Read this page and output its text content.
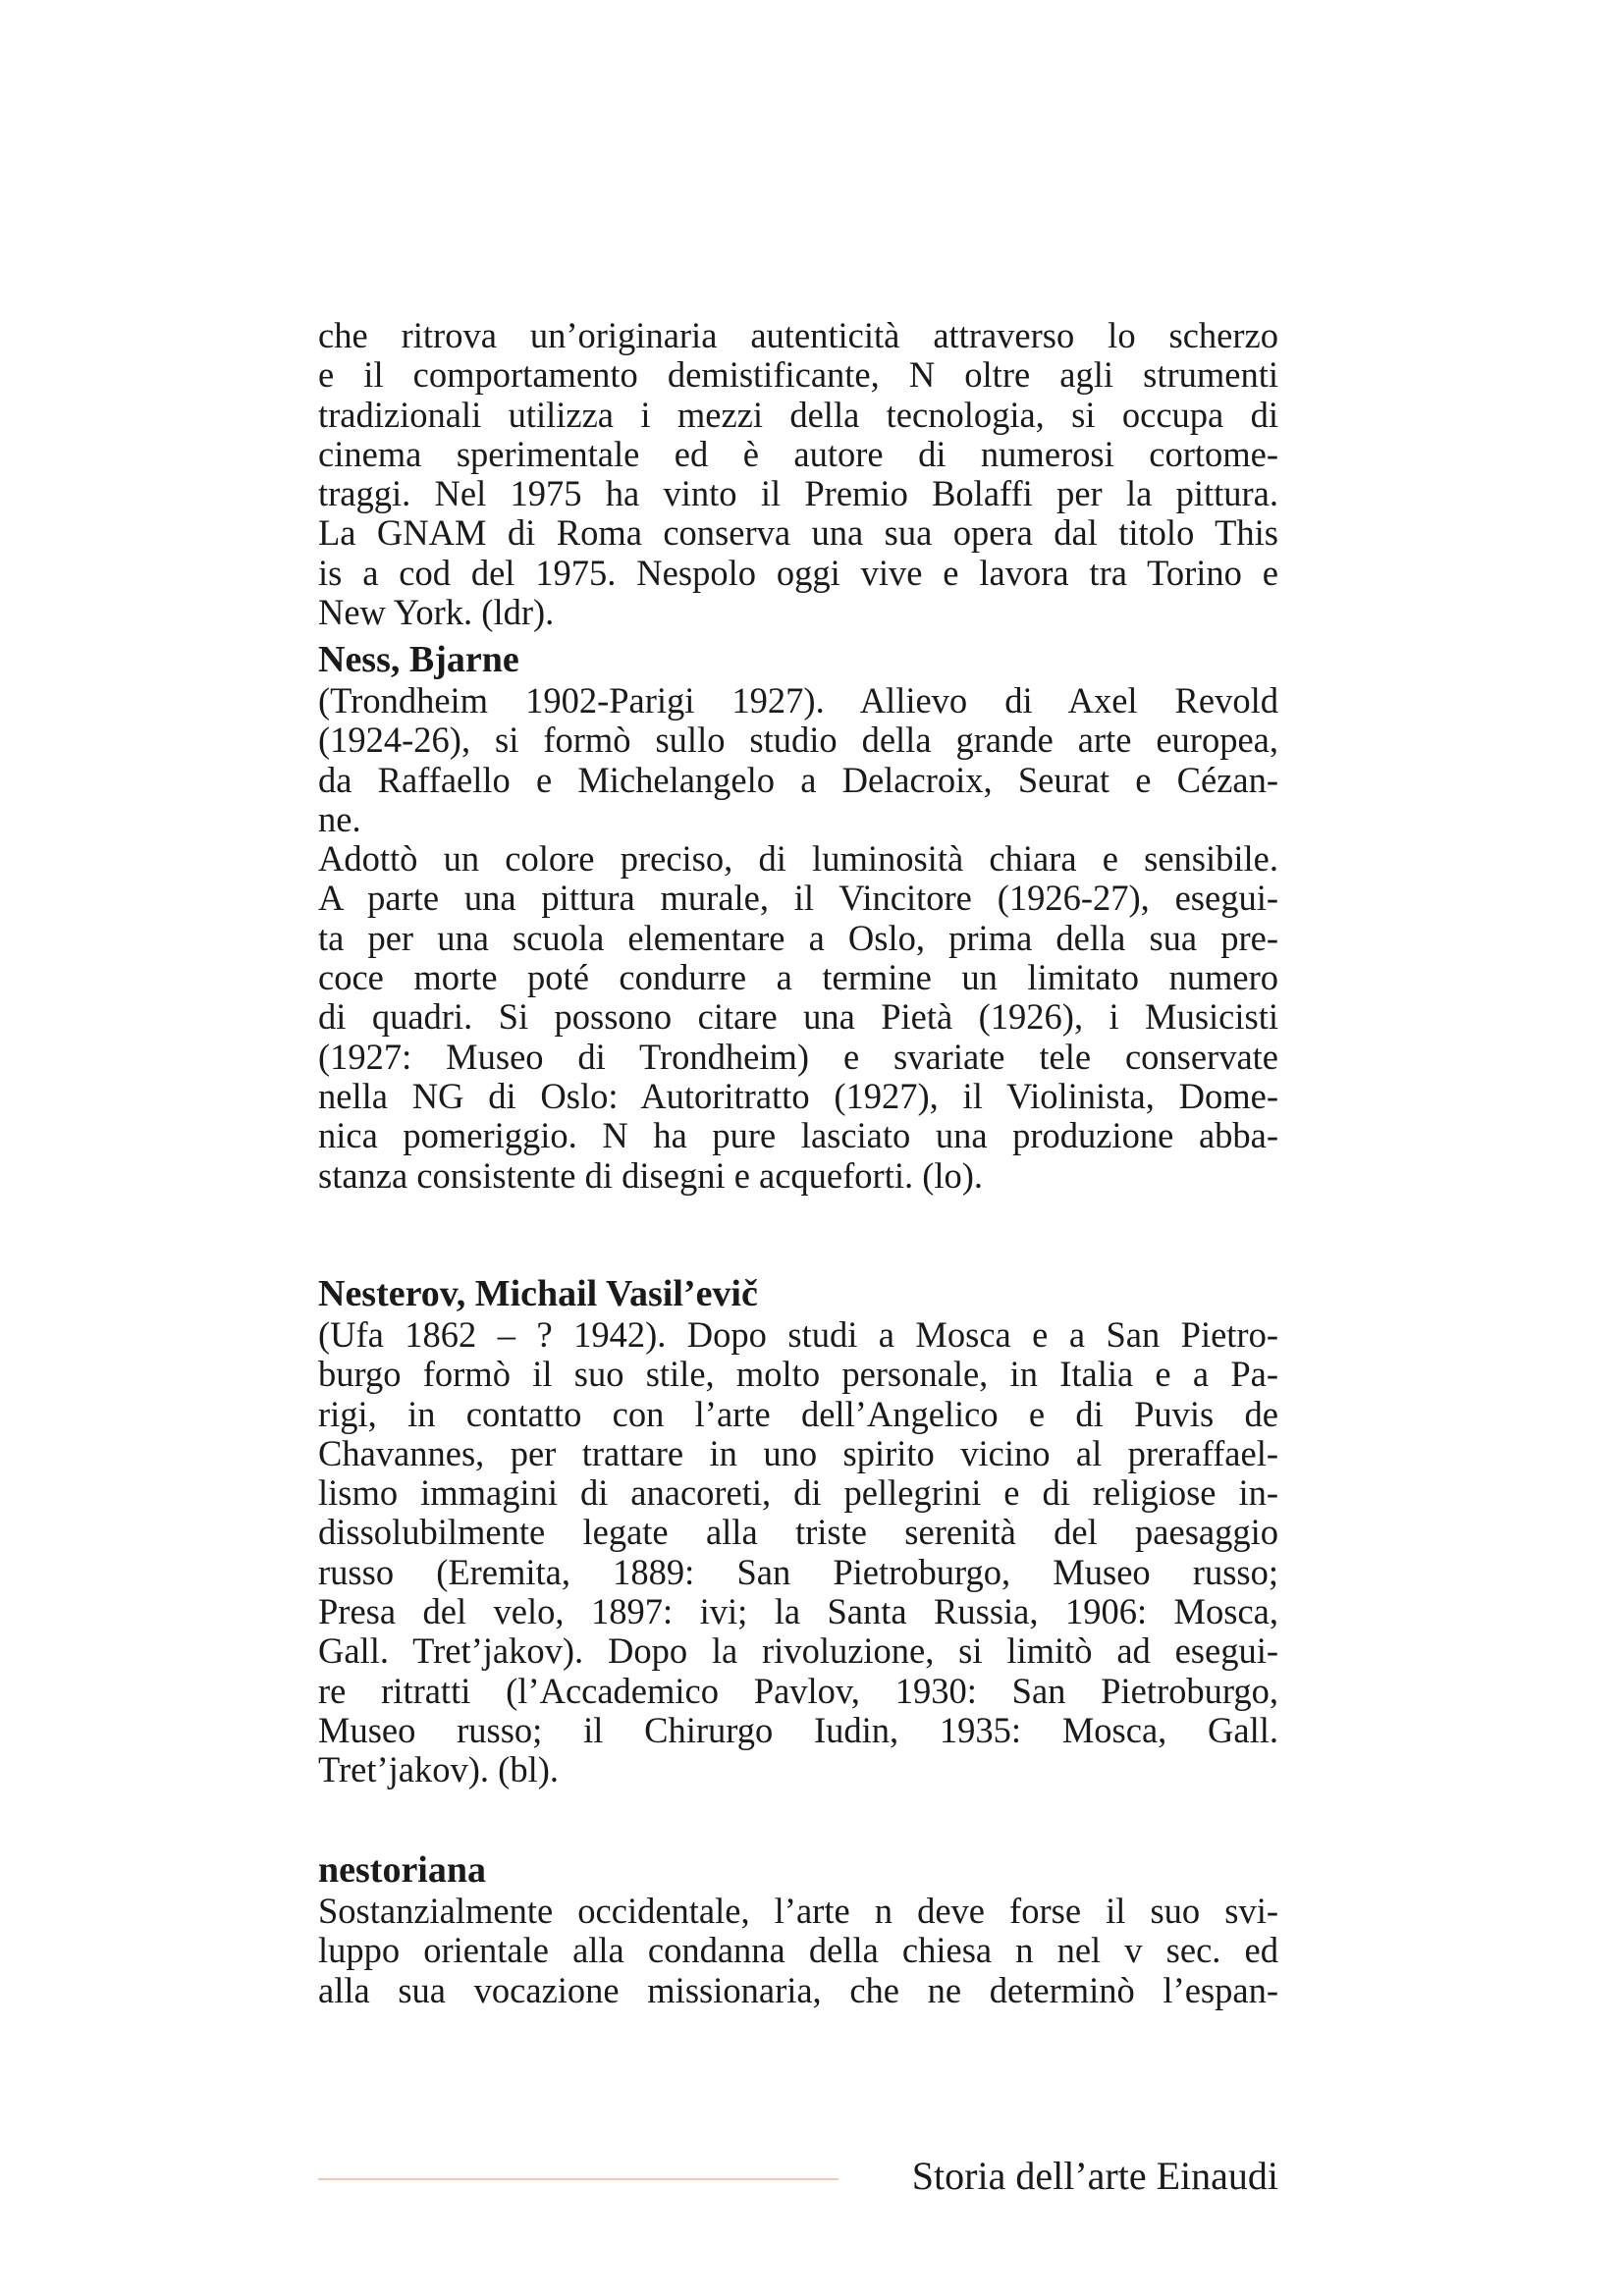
che ritrova un’originaria autenticità attraverso lo scherzo
e il comportamento demistificante, N oltre agli strumenti
tradizionali utilizza i mezzi della tecnologia, si occupa di
cinema sperimentale ed è autore di numerosi cortome-
traggi. Nel 1975 ha vinto il Premio Bolaffi per la pittura.
La GNAM di Roma conserva una sua opera dal titolo This
is a cod del 1975. Nespolo oggi vive e lavora tra Torino e
New York. (ldr).
Ness, Bjarne
(Trondheim 1902-Parigi 1927). Allievo di Axel Revold
(1924-26), si formò sullo studio della grande arte europea,
da Raffaello e Michelangelo a Delacroix, Seurat e Cézan-
ne.
Adottò un colore preciso, di luminosità chiara e sensibile.
A parte una pittura murale, il Vincitore (1926-27), esegui-
ta per una scuola elementare a Oslo, prima della sua pre-
coce morte poté condurre a termine un limitato numero
di quadri. Si possono citare una Pietà (1926), i Musicisti
(1927: Museo di Trondheim) e svariate tele conservate
nella NG di Oslo: Autoritratto (1927), il Violinista, Dome-
nica pomeriggio. N ha pure lasciato una produzione abba-
stanza consistente di disegni e acqueforti. (lo).
Nesterov, Michail Vasil’evič
(Ufa 1862 – ? 1942). Dopo studi a Mosca e a San Pietro-
burgo formò il suo stile, molto personale, in Italia e a Pa-
rigi, in contatto con l’arte dell’Angelico e di Puvis de
Chavannes, per trattare in uno spirito vicino al preraffael-
lismo immagini di anacoreti, di pellegrini e di religiose in-
dissolubilmente legate alla triste serenità del paesaggio
russo (Eremita, 1889: San Pietroburgo, Museo russo;
Presa del velo, 1897: ivi; la Santa Russia, 1906: Mosca,
Gall. Tret’jakov). Dopo la rivoluzione, si limitò ad esegui-
re ritratti (l’Accademico Pavlov, 1930: San Pietroburgo,
Museo russo; il Chirurgo Iudin, 1935: Mosca, Gall.
Tret’jakov). (bl).
nestoriana
Sostanzialmente occidentale, l’arte n deve forse il suo svi-
luppo orientale alla condanna della chiesa n nel v sec. ed
alla sua vocazione missionaria, che ne determinò l’espan-
Storia dell’arte Einaudi
